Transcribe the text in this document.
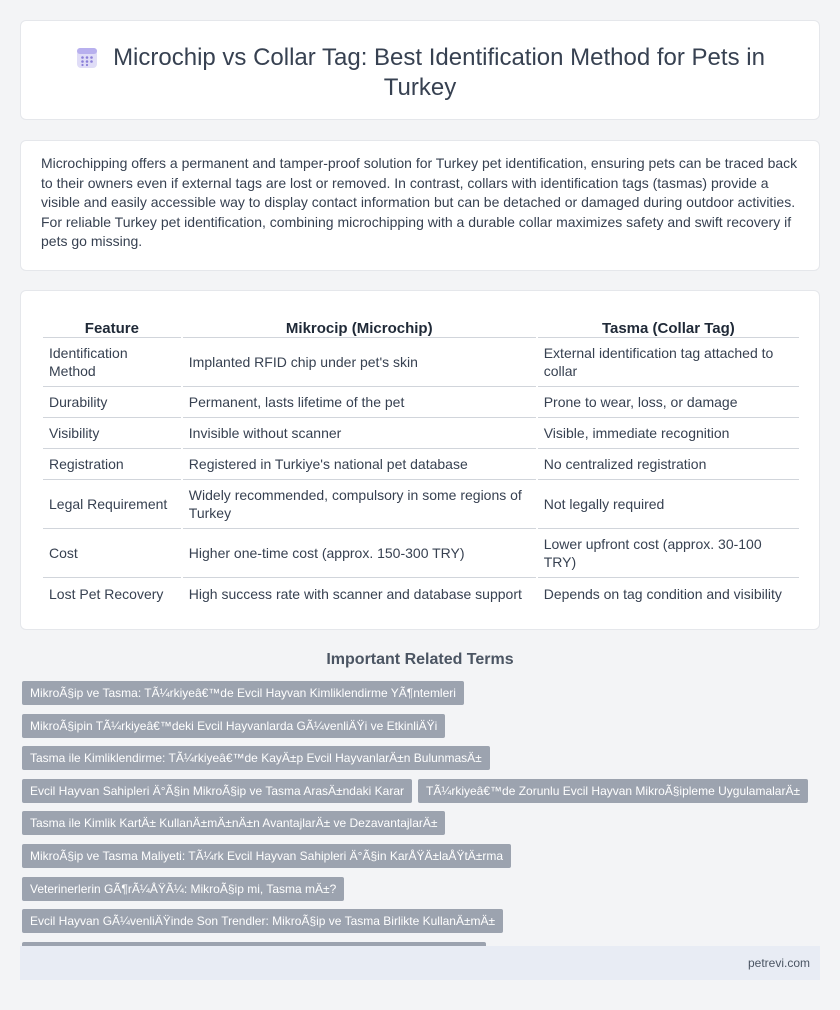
Microchip vs Collar Tag: Best Identification Method for Pets in Turkey

Microchipping offers a permanent and tamper-proof solution for Turkey pet identification, ensuring pets can be traced back to their owners even if external tags are lost or removed. In contrast, collars with identification tags (tasmas) provide a visible and easily accessible way to display contact information but can be detached or damaged during outdoor activities. For reliable Turkey pet identification, combining microchipping with a durable collar maximizes safety and swift recovery if pets go missing.

Feature	Mikrocip (Microchip)	Tasma (Collar Tag)
Identification Method	Implanted RFID chip under pet's skin	External identification tag attached to collar
Durability	Permanent, lasts lifetime of the pet	Prone to wear, loss, or damage
Visibility	Invisible without scanner	Visible, immediate recognition
Registration	Registered in Turkiye's national pet database	No centralized registration
Legal Requirement	Widely recommended, compulsory in some regions of Turkey	Not legally required
Cost	Higher one-time cost (approx. 150-300 TRY)	Lower upfront cost (approx. 30-100 TRY)
Lost Pet Recovery	High success rate with scanner and database support	Depends on tag condition and visibility
Important Related Terms
MikroÃ§ip ve Tasma: TÃ¼rkiyeâ€™de Evcil Hayvan Kimliklendirme YÃ¶ntemleri
MikroÃ§ipin TÃ¼rkiyeâ€™deki Evcil Hayvanlarda GÃ¼venliÄŸi ve EtkinliÄŸi
Tasma ile Kimliklendirme: TÃ¼rkiyeâ€™de KayÄ±p Evcil HayvanlarÄ±n BulunmasÄ±
Evcil Hayvan Sahipleri Ä°Ã§in MikroÃ§ip ve Tasma ArasÄ±ndaki Karar TÃ¼rkiyeâ€™de Zorunlu Evcil Hayvan MikroÃ§ipleme UygulamalarÄ±
Tasma ile Kimlik KartÄ± KullanÄ±mÄ±nÄ±n AvantajlarÄ± ve DezavantajlarÄ±
MikroÃ§ip ve Tasma Maliyeti: TÃ¼rk Evcil Hayvan Sahipleri Ä°Ã§in KarÅŸÄ±laÅŸtÄ±rma
Veterinerlerin GÃ¶rÃ¼ÅŸÃ¼: MikroÃ§ip mi, Tasma mÄ±?Evcil Hayvan GÃ¼venliÄŸinde Son Trendler: MikroÃ§ip ve Tasma Birlikte KullanÄ±mÄ±

petrevi.com
